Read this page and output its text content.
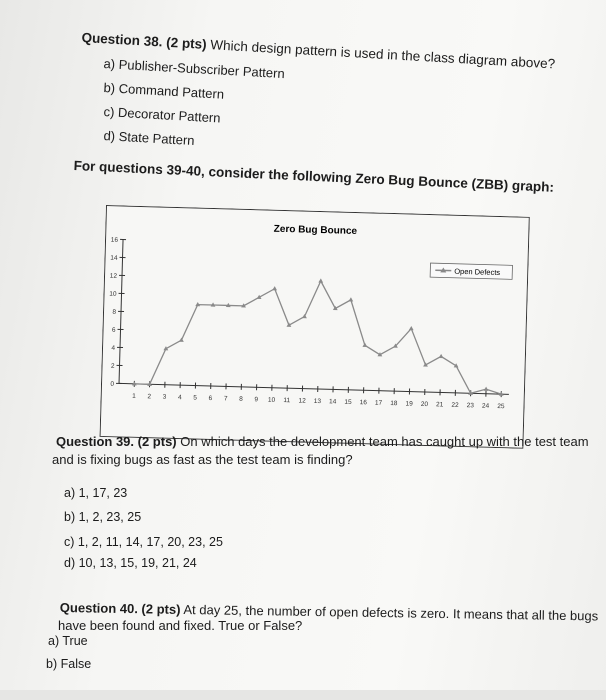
Question 38. (2 pts) Which design pattern is used in the class diagram above?
a) Publisher-Subscriber Pattern
b) Command Pattern
c) Decorator Pattern
d) State Pattern
For questions 39-40, consider the following Zero Bug Bounce (ZBB) graph:
Zero Bug Bounce
0
2
4
6
8
10
12
14
16
1 2 3 4 5 6 7 8 9 10 11 12 13 14 15 16 17 18 19 20 21 22 23 24 25
Open Defects
Question 39. (2 pts) On which days the development team has caught up with the test team
and is fixing bugs as fast as the test team is finding?
a) 1, 17, 23
b) 1, 2, 23, 25
c) 1, 2, 11, 14, 17, 20, 23, 25
d) 10, 13, 15, 19, 21, 24
Question 40. (2 pts) At day 25, the number of open defects is zero. It means that all the bugs
have been found and fixed. True or False?
a) True
b) False
